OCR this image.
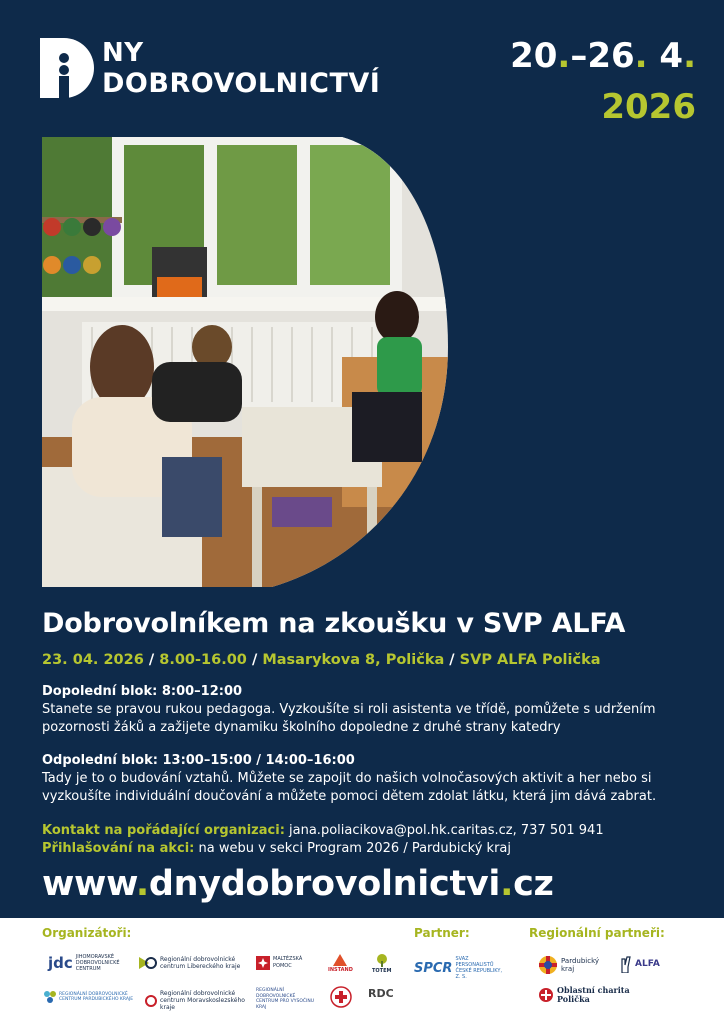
NY
DOBROVOLNICTVÍ
20.–26. 4.
2026
Dobrovolníkem na zkoušku v SVP ALFA
23. 04. 2026 / 8.00-16.00 / Masarykova 8, Polička / SVP ALFA Polička
Dopolední blok: 8:00–12:00
Stanete se pravou rukou pedagoga. Vyzkoušíte si roli asistenta ve třídě, pomůžete s udržením pozornosti žáků a zažijete dynamiku školního dopoledne z druhé strany katedry
Odpolední blok: 13:00–15:00 / 14:00–16:00
Tady je to o budování vztahů. Můžete se zapojit do našich volnočasových aktivit a her nebo si vyzkoušíte individuální doučování a můžete pomoci dětem zdolat látku, která jim dává zabrat.
Kontakt na pořádající organizaci: jana.poliacikova@pol.hk.caritas.cz, 737 501 941
Přihlašování na akci: na webu v sekci Program 2026 / Pardubický kraj
www.dnydobrovolnictvi.cz
Organizátoři:	Partner:	Regionální partneři:
jdc JIHOMORAVSKÉ DOBROVOLNICKÉ CENTRUM
Regionální dobrovolnické centrum Libereckého kraje
MALTÉZSKÁ POMOC
INSTAND	TOTEM SPCR
SVAZ PERSONALISTŮ ČESKÉ REPUBLIKY, Z. S.
Pardubický kraj
ALFA
REGIONÁLNÍ DOBROVOLNICKÉ CENTRUM PARDUBICKÉHO KRAJE
Regionální dobrovolnické centrum Moravskoslezského kraje
REGIONÁLNÍ DOBROVOLNICKÉ CENTRUM PRO VYSOČINU KRAJ
RDC	Oblastní charita Polička
